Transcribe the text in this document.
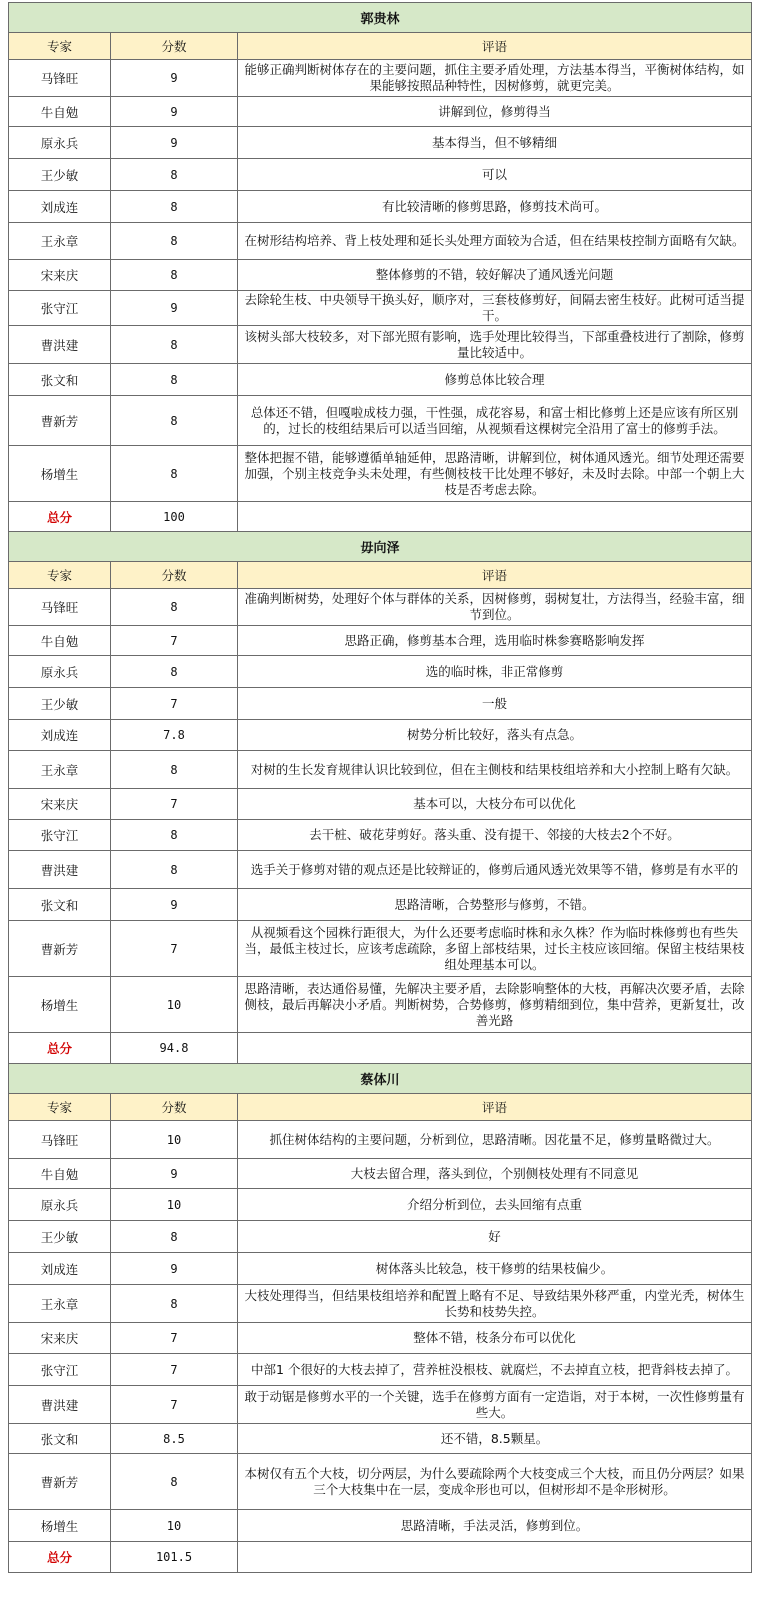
郭贵林		
专家	分数	评语
马锋旺	9	能够正确判断树体存在的主要问题，抓住主要矛盾处理，方法基本得当，平衡树体结构，如果能够按照品种特性，因树修剪，就更完美。
牛自勉	9	讲解到位，修剪得当
原永兵	9	基本得当，但不够精细
王少敏	8	可以
刘成连	8	有比较清晰的修剪思路，修剪技术尚可。
王永章	8	在树形结构培养、背上枝处理和延长头处理方面较为合适，但在结果枝控制方面略有欠缺。
宋来庆	8	整体修剪的不错，较好解决了通风透光问题
张守江	9	去除轮生枝、中央领导干换头好，顺序对，三套枝修剪好，间隔去密生枝好。此树可适当提干。
曹洪建	8	该树头部大枝较多，对下部光照有影响，选手处理比较得当，下部重叠枝进行了割除，修剪量比较适中。
张文和	8	修剪总体比较合理
曹新芳	8	总体还不错，但嘎啦成枝力强，干性强，成花容易，和富士相比修剪上还是应该有所区别的，过长的枝组结果后可以适当回缩，从视频看这棵树完全沿用了富士的修剪手法。
杨增生	8	整体把握不错，能够遵循单轴延伸，思路清晰，讲解到位，树体通风透光。细节处理还需要加强，个别主枝竞争头未处理，有些侧枝枝干比处理不够好，未及时去除。中部一个朝上大枝是否考虑去除。
总分	100	
毋向泽		
专家	分数	评语
马锋旺	8	准确判断树势，处理好个体与群体的关系，因树修剪，弱树复壮，方法得当，经验丰富，细节到位。
牛自勉	7	思路正确，修剪基本合理，选用临时株参赛略影响发挥
原永兵	8	选的临时株，非正常修剪
王少敏	7	一般
刘成连	7.8	树势分析比较好，落头有点急。
王永章	8	对树的生长发育规律认识比较到位，但在主侧枝和结果枝组培养和大小控制上略有欠缺。
宋来庆	7	基本可以，大枝分布可以优化
张守江	8	去干桩、破花芽剪好。落头重、没有提干、邻接的大枝去2个不好。
曹洪建	8	选手关于修剪对错的观点还是比较辩证的，修剪后通风透光效果等不错，修剪是有水平的
张文和	9	思路清晰，合势整形与修剪，不错。
曹新芳	7	从视频看这个园株行距很大，为什么还要考虑临时株和永久株？作为临时株修剪也有些失当，最低主枝过长，应该考虑疏除，多留上部枝结果，过长主枝应该回缩。保留主枝结果枝组处理基本可以。
杨增生	10	思路清晰，表达通俗易懂，先解决主要矛盾，去除影响整体的大枝，再解决次要矛盾，去除侧枝，最后再解决小矛盾。判断树势，合势修剪，修剪精细到位，集中营养，更新复壮，改善光路
总分	94.8	
蔡体川		
专家	分数	评语
马锋旺	10	抓住树体结构的主要问题，分析到位，思路清晰。因花量不足，修剪量略微过大。
牛自勉	9	大枝去留合理，落头到位，个别侧枝处理有不同意见
原永兵	10	介绍分析到位，去头回缩有点重
王少敏	8	好
刘成连	9	树体落头比较急，枝干修剪的结果枝偏少。
王永章	8	大枝处理得当，但结果枝组培养和配置上略有不足、导致结果外移严重，内堂光秃，树体生长势和枝势失控。
宋来庆	7	整体不错，枝条分布可以优化
张守江	7	中部1 个很好的大枝去掉了，营养桩没根枝、就腐烂，不去掉直立枝，把背斜枝去掉了。
曹洪建	7	敢于动锯是修剪水平的一个关键，选手在修剪方面有一定造诣，对于本树，一次性修剪量有些大。
张文和	8.5	还不错，8.5颗星。
曹新芳	8	本树仅有五个大枝，切分两层，为什么要疏除两个大枝变成三个大枝，而且仍分两层？如果三个大枝集中在一层，变成伞形也可以，但树形却不是伞形树形。
杨增生	10	思路清晰，手法灵活，修剪到位。
总分	101.5	
